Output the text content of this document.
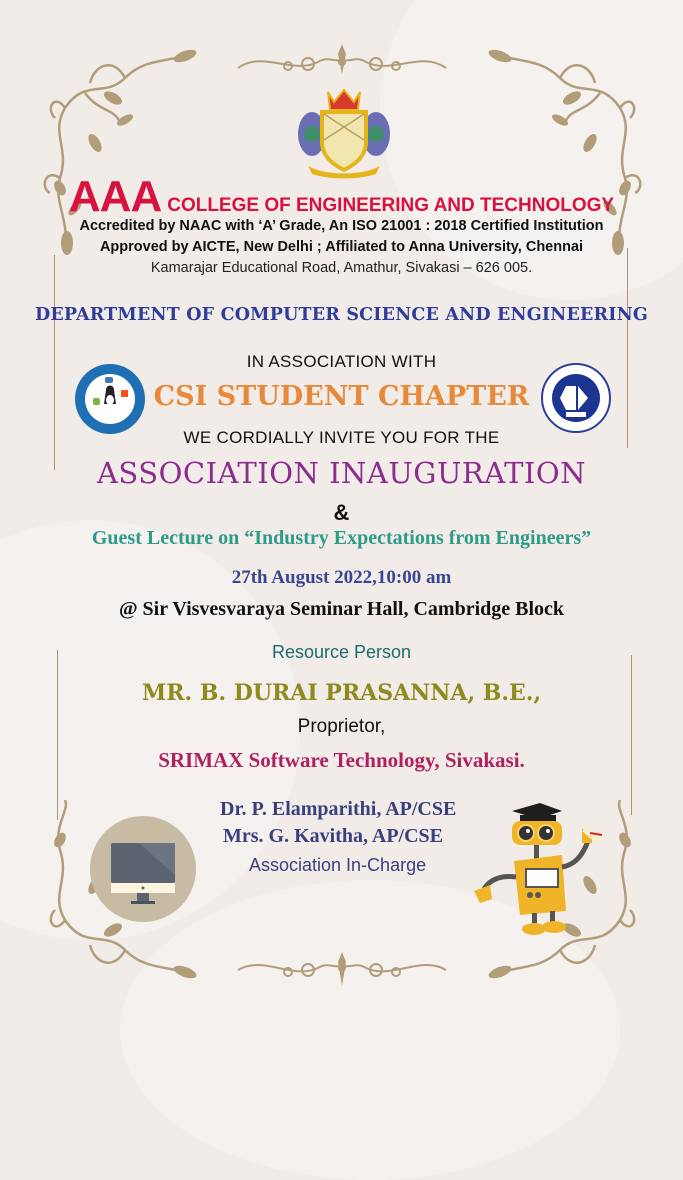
AAA COLLEGE OF ENGINEERING AND TECHNOLOGY
Accredited by NAAC with ‘A’ Grade, An ISO 21001 : 2018 Certified Institution
Approved by AICTE, New Delhi ; Affiliated to Anna University, Chennai
Kamarajar Educational Road, Amathur, Sivakasi – 626 005.
DEPARTMENT OF COMPUTER SCIENCE AND ENGINEERING
IN ASSOCIATION WITH
CSI STUDENT CHAPTER
WE CORDIALLY INVITE YOU FOR THE
ASSOCIATION INAUGURATION
&
Guest Lecture on “Industry Expectations from Engineers”
27th August 2022,10:00 am
@ Sir Visvesvaraya Seminar Hall, Cambridge Block
Resource Person
MR. B. DURAI PRASANNA, B.E.,
Proprietor,
SRIMAX Software Technology, Sivakasi.
Dr. P. Elamparithi, AP/CSE
Mrs. G. Kavitha, AP/CSE
Association In-Charge
